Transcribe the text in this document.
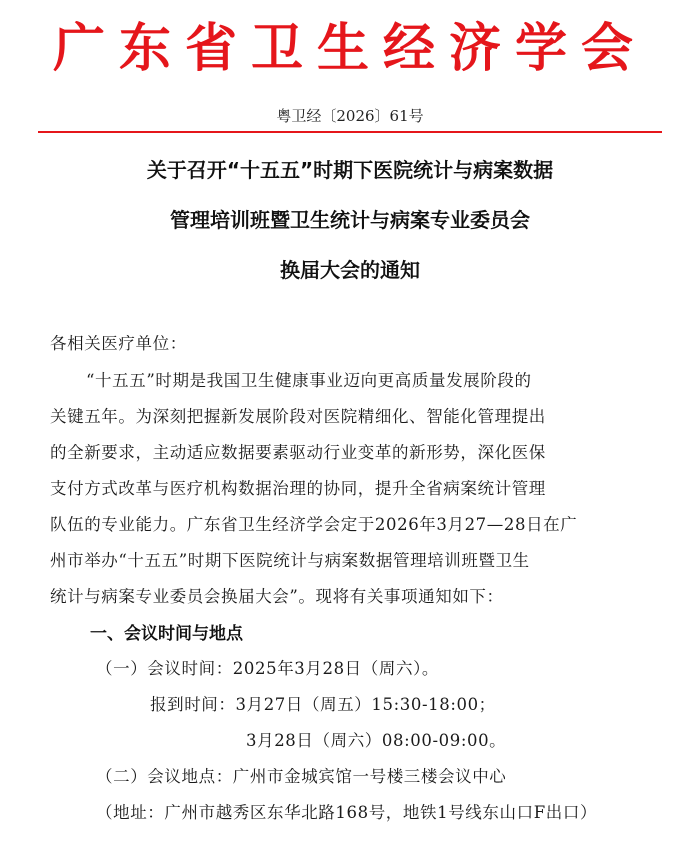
广东省卫生经济学会
粤卫经〔2026〕61号
关于召开“十五五”时期下医院统计与病案数据
管理培训班暨卫生统计与病案专业委员会
换届大会的通知
各相关医疗单位：
“十五五”时期是我国卫生健康事业迈向更高质量发展阶段的
关键五年。为深刻把握新发展阶段对医院精细化、智能化管理提出
的全新要求，主动适应数据要素驱动行业变革的新形势，深化医保
支付方式改革与医疗机构数据治理的协同，提升全省病案统计管理
队伍的专业能力。广东省卫生经济学会定于2026年3月27—28日在广
州市举办“十五五”时期下医院统计与病案数据管理培训班暨卫生
统计与病案专业委员会换届大会”。现将有关事项通知如下：
一、会议时间与地点
（一）会议时间：2025年3月28日（周六）。
报到时间：3月27日（周五）15:30-18:00；
3月28日（周六）08:00-09:00。
（二）会议地点：广州市金城宾馆一号楼三楼会议中心
（地址：广州市越秀区东华北路168号，地铁1号线东山口F出口）
